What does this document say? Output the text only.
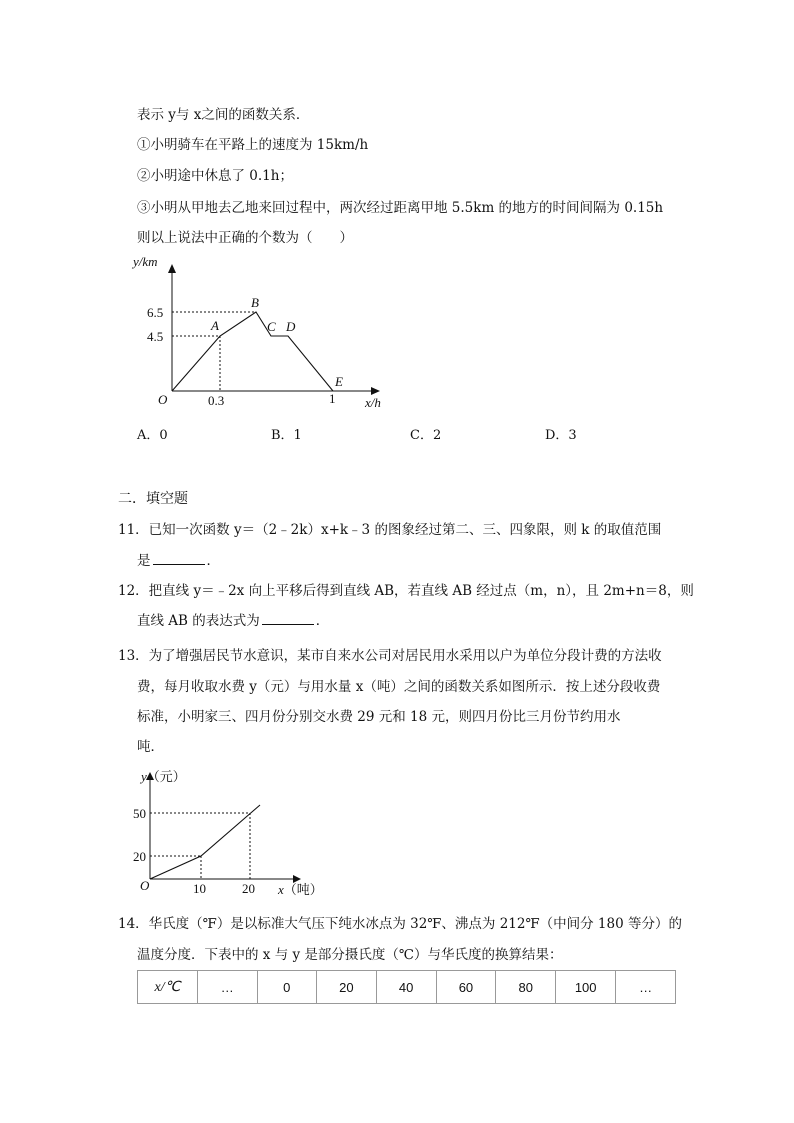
表示 y与 x之间的函数关系．
①小明骑车在平路上的速度为 15km/h
②小明途中休息了 0.1h；
③小明从甲地去乙地来回过程中，两次经过距离甲地 5.5km 的地方的时间间隔为 0.15h
则以上说法中正确的个数为（　　）
y/km
x/h
O
6.5
4.5
0.3	1
A
B
C D
E
A．0	B．1	C．2	D．3
二．填空题
11．已知一次函数 y＝（2﹣2k）x+k﹣3 的图象经过第二、三、四象限，则 k 的取值范围
是	．
12．把直线 y＝﹣2x 向上平移后得到直线 AB，若直线 AB 经过点（m，n），且 2m+n＝8，则
直线 AB 的表达式为	．
13．为了增强居民节水意识，某市自来水公司对居民用水采用以户为单位分段计费的方法收
费，每月收取水费 y（元）与用水量 x（吨）之间的函数关系如图所示．按上述分段收费
标准，小明家三、四月份分别交水费 29 元和 18 元，则四月份比三月份节约用水
吨．
y（元）
x（吨）
O
50
20
10	20
14．华氏度（℉）是以标准大气压下纯水冰点为 32℉、沸点为 212℉（中间分 180 等分）的
温度分度．下表中的 x 与 y 是部分摄氏度（℃）与华氏度的换算结果：
x/℃	…	0	20	40	60	80	100	…
